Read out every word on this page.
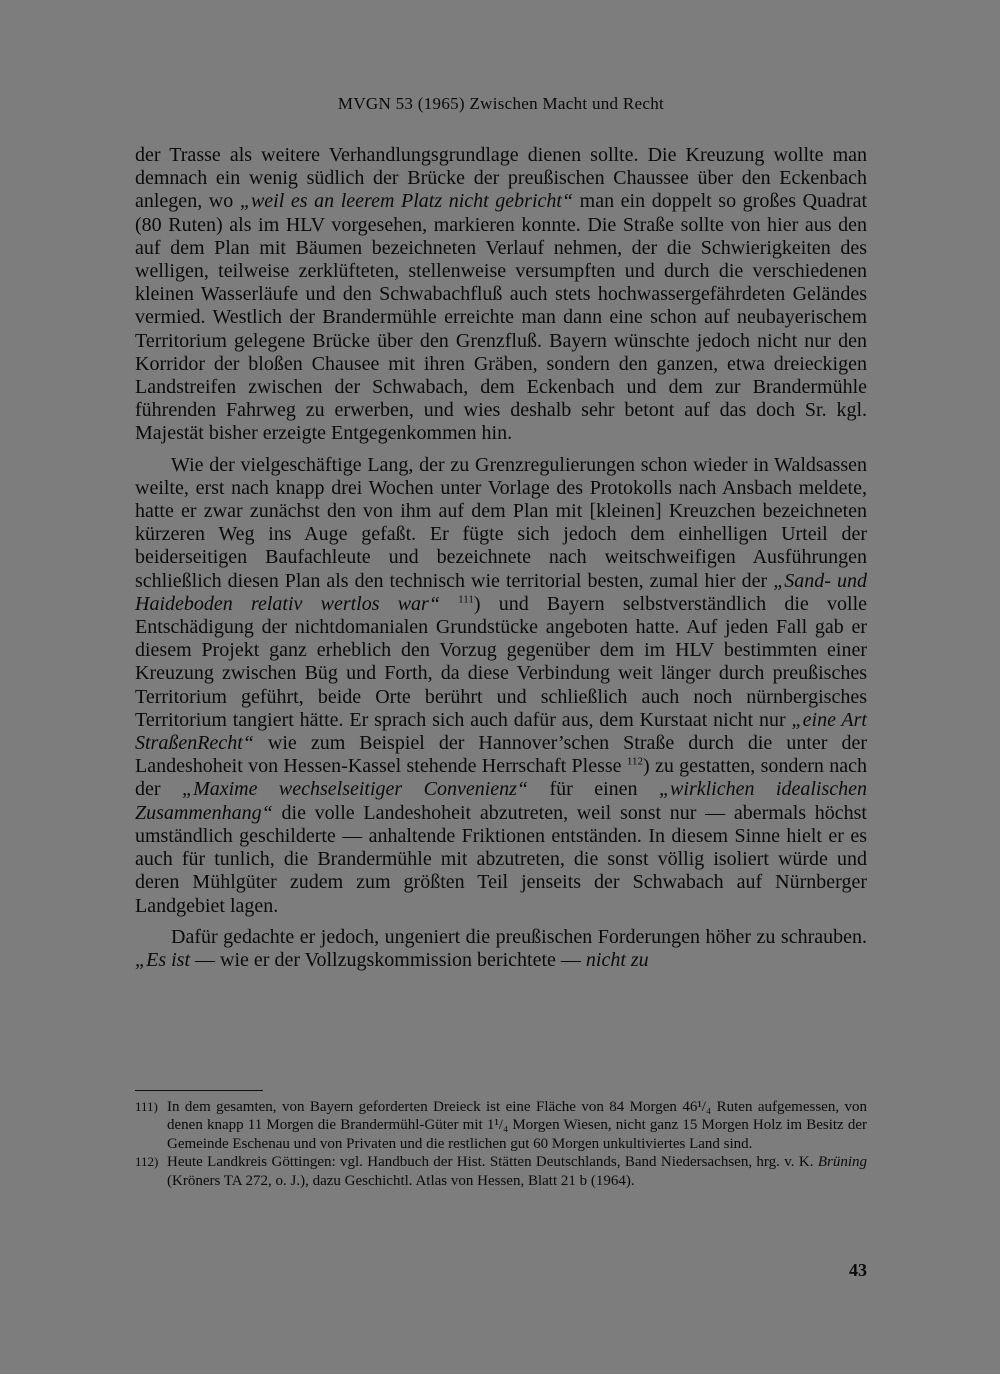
MVGN 53 (1965) Zwischen Macht und Recht

der Trasse als weitere Verhandlungsgrundlage dienen sollte. Die Kreuzung wollte man demnach ein wenig südlich der Brücke der preußischen Chaussee über den Eckenbach anlegen, wo „weil es an leerem Platz nicht gebricht“ man ein doppelt so großes Quadrat (80 Ruten) als im HLV vorgesehen, markieren konnte. Die Straße sollte von hier aus den auf dem Plan mit Bäumen bezeichneten Verlauf nehmen, der die Schwierigkeiten des welligen, teilweise zerklüfteten, stellenweise versumpften und durch die verschiedenen kleinen Wasserläufe und den Schwabachfluß auch stets hochwassergefährdeten Geländes vermied. Westlich der Brandermühle erreichte man dann eine schon auf neubayerischem Territorium gelegene Brücke über den Grenzfluß. Bayern wünschte jedoch nicht nur den Korridor der bloßen Chausee mit ihren Gräben, sondern den ganzen, etwa dreieckigen Landstreifen zwischen der Schwabach, dem Eckenbach und dem zur Brandermühle führenden Fahrweg zu erwerben, und wies deshalb sehr betont auf das doch Sr. kgl. Majestät bisher erzeigte Entgegenkommen hin.

Wie der vielgeschäftige Lang, der zu Grenzregulierungen schon wieder in Waldsassen weilte, erst nach knapp drei Wochen unter Vorlage des Protokolls nach Ansbach meldete, hatte er zwar zunächst den von ihm auf dem Plan mit [kleinen] Kreuzchen bezeichneten kürzeren Weg ins Auge gefaßt. Er fügte sich jedoch dem einhelligen Urteil der beiderseitigen Baufachleute und bezeichnete nach weitschweifigen Ausführungen schließlich diesen Plan als den technisch wie territorial besten, zumal hier der „Sand- und Haideboden relativ wertlos war“ $^{111}$) und Bayern selbstverständlich die volle Entschädigung der nichtdomanialen Grundstücke angeboten hatte. Auf jeden Fall gab er diesem Projekt ganz erheblich den Vorzug gegenüber dem im HLV bestimmten einer Kreuzung zwischen Büg und Forth, da diese Verbindung weit länger durch preußisches Territorium geführt, beide Orte berührt und schließlich auch noch nürnbergisches Territorium tangiert hätte. Er sprach sich auch dafür aus, dem Kurstaat nicht nur „eine Art StraßenRecht“ wie zum Beispiel der Hannover’schen Straße durch die unter der Landeshoheit von Hessen-Kassel stehende Herrschaft Plesse $^{112}$) zu gestatten, sondern nach der „Maxime wechselseitiger Convenienz“ für einen „wirklichen idealischen Zusammenhang“ die volle Landeshoheit abzutreten, weil sonst nur — abermals höchst umständlich geschilderte — anhaltende Friktionen entständen. In diesem Sinne hielt er es auch für tunlich, die Brandermühle mit abzutreten, die sonst völlig isoliert würde und deren Mühlgüter zudem zum größten Teil jenseits der Schwabach auf Nürnberger Landgebiet lagen.

Dafür gedachte er jedoch, ungeniert die preußischen Forderungen höher zu schrauben. „Es ist — wie er der Vollzugskommission berichtete — nicht zu

111) In dem gesamten, von Bayern geforderten Dreieck ist eine Fläche von 84 Morgen 46¹/₄ Ruten aufgemessen, von denen knapp 11 Morgen die Brandermühl-Güter mit 1¹/₄ Morgen Wiesen, nicht ganz 15 Morgen Holz im Besitz der Gemeinde Eschenau und von Privaten und die restlichen gut 60 Morgen unkultiviertes Land sind.
112) Heute Landkreis Göttingen: vgl. Handbuch der Hist. Stätten Deutschlands, Band Niedersachsen, hrg. v. K. Brüning (Kröners TA 272, o. J.), dazu Geschichtl. Atlas von Hessen, Blatt 21 b (1964).
43
